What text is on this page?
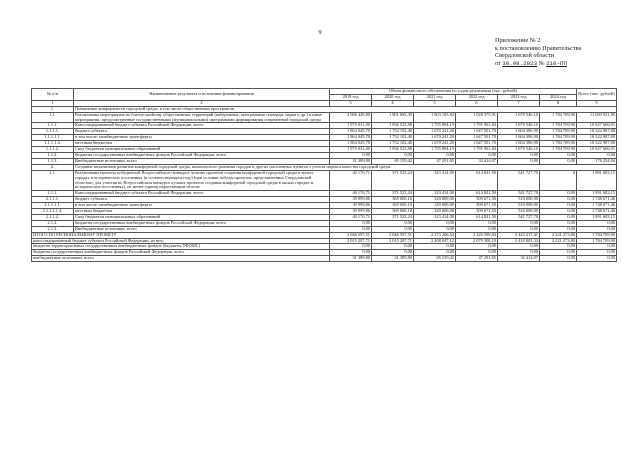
9
Приложение № 2
к постановлению Правительства
Свердловской области
от 30.08.2023 № 210-ПП
№ п/п	Наименование результата и источники финансирования	Объем финансового обеспечения по годам реализации (тыс. рублей)						Всего (тыс. рублей)
		2019 год	2020 год	2021 год	2022 год	2023 год	2024 год	
1	2	3	4	5	6	7	8	9
1.	Повышение комфортности городской среды, в том числе общественных пространств							
1.1.	Реализованы мероприятия по благоустройству общественных территорий (набережные, центральные площади, парки и др.) и иные мероприятия, предусмотренные государственными (муниципальными) программами формирования современной городской среды	2 006 420,80	1 901 683,30	1 803 185,84	1 028 375,91	1 679 546,10	1 784 709,90	11 003 921,85
1.1.1.	Консолидированный бюджет субъекта Российской Федерации, всего	1 975 031,00	1 836 523,88	1 755 894,19	1 795 961,84	1 679 546,10	1 784 709,90	10 827 666,91
1.1.1.1.	бюджет субъекта	1 864 045,70	1 752 102,40	1 670 241,20	1 647 501,70	1 604 386,90	1 784 709,90	10 322 987,80
1.1.1.1.1.	в том числе: межбюджетные трансферты	1 864 045,70	1 752 102,40	1 670 241,20	1 647 501,70	1 604 386,90	1 784 709,90	10 322 987,80
1.1.1.1.4.	местным бюджетам	1 864 045,70	1 752 102,40	1 670 241,20	1 647 501,70	1 604 386,90	1 784 709,90	10 322 987,80
1.1.1.2.	Свод бюджетов муниципальных образований	1 975 031,00	1 836 523,88	1 755 894,19	1 795 961,84	1 679 546,10	1 784 709,90	10 827 666,91
1.1.2.	бюджеты государственных внебюджетных фондов Российской Федерации, всего	0,00	0,00	0,00	0,00	0,00	0,00	0,00
1.1.3.	Внебюджетные источники, всего	31 389,80	65 159,42	47 291,65	32 414,07	0,00	0,00	176 254,94
2.	Создание механизмов развития комфортной городской среды, комплексного развития городов и других населенных пунктов с учетом индекса качества городской среды							
2.1.	Реализованы проекты победителей Всероссийского конкурса лучших проектов создания комфортной городской среды в малых городах и исторических поселениях (в соответствующем году) (при условии победы проектов, представленных Свердловской областью, для участия во Всероссийском конкурсе лучших проектов создания комфортной городской среды в малых городах и исторических поселениях), не менее единиц нарастающим итогом	40 176,71	371 523,24	323 414,00	614 841,50	541 727,70	0	1 891 683,15
2.1.1.	Консолидированный бюджет субъекта Российской Федерации, всего	40 176,71	371 523,24	323 414,00	614 841,50	541 727,70	0,00	1 891 683,15
2.1.1.1.	бюджет субъекта	39 999,86	369 000,10	320 000,00	509 671,50	510 000,00	0,00	1 748 671,46
2.1.1.1.1.	в том числе: межбюджетные трансферты	39 999,86	369 000,10	320 000,00	509 671,50	510 000,00	0,00	1 748 671,46
2.1.1.1.1.4.	местным бюджетам	39 999,86	369 000,10	320 000,00	509 671,50	510 000,00	0,00	1 748 671,46
2.1.1.2.	Свод бюджетов муниципальных образований	40 176,71	371 523,24	323 414,00	614 841,50	541 727,70	0,00	1 891 683,15
2.1.2.	бюджеты государственных внебюджетных фондов Российской Федерации, всего	0,00	0,00	0,00	0,00	0,00	0,00	0,00
2.1.3.	Внебюджетные источники, всего	0,00	0,00	0,00	0,00	0,00	0,00	0,00
ИТОГО ПО РЕГИОНАЛЬНОМУ ПРОЕКТУ		2 046 597,51	2 046 597,51	2 273 206,54	2 126 599,84	2 443 217,41	2 221 273,80	1 784 709,90
консолидированный бюджет субъекта Российской Федерации, из них:		2 015 207,71	2 015 207,71	2 208 047,12	2 079 308,19	2 410 803,34	2 221 273,80	1 784 709,90
бюджеты территориальных государственных внебюджетных фондов (бюджеты ТФОМС)		0,00	0,00	0,00	0,00	0,00	0,00	0,00
бюджеты государственных внебюджетных фондов Российской Федерации, всего		0,00	0,00	0,00	0,00	0,00	0,00	0,00
внебюджетные источники, всего		31 389,80	31 389,80	65 159,42	47 291,65	32 414,07	0,00	0,00
